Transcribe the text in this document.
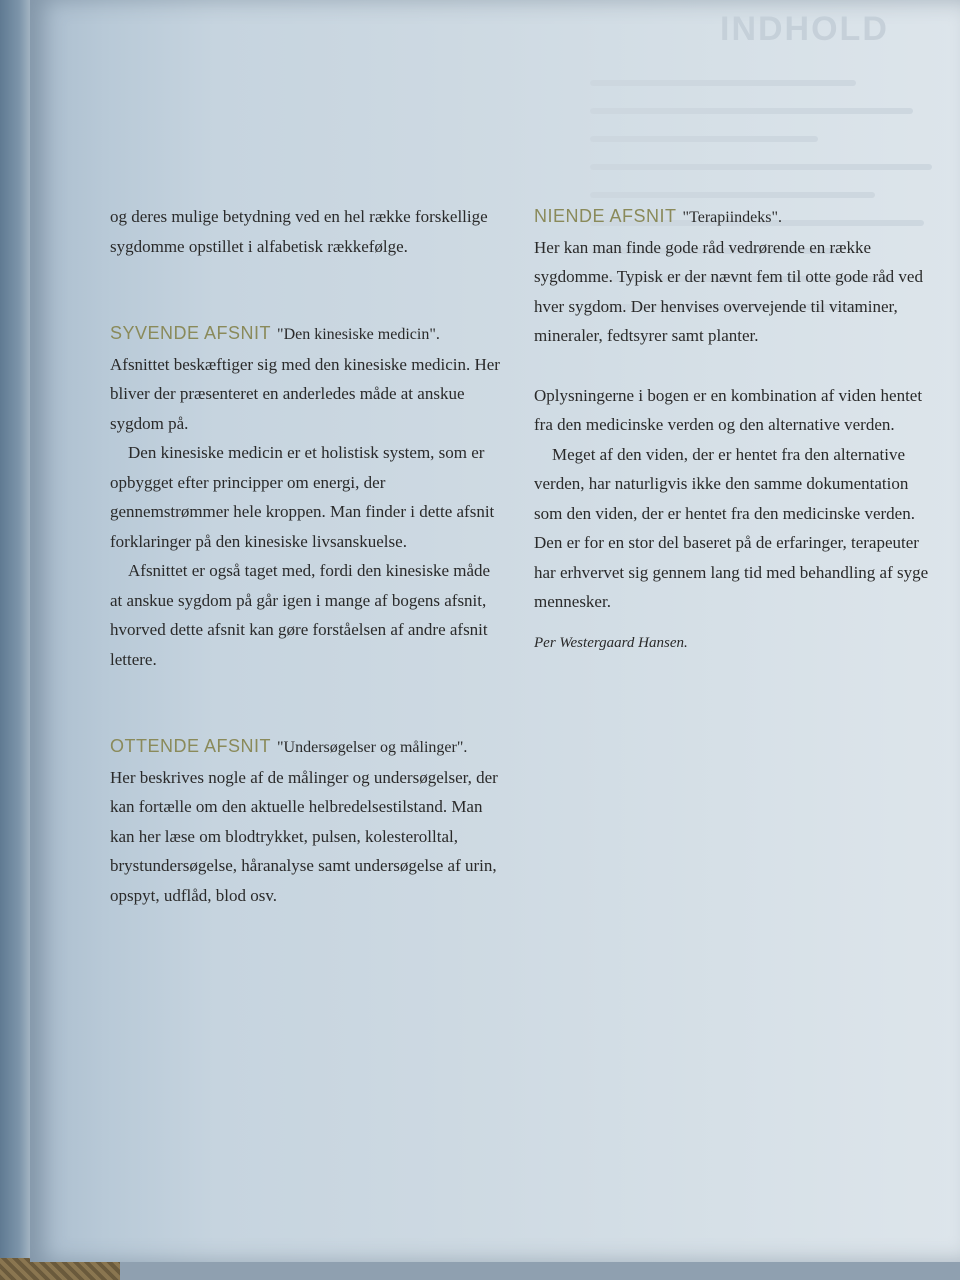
INDHOLD

og deres mulige betydning ved en hel række forskellige sygdomme opstillet i alfabetisk rækkefølge.

SYVENDE AFSNIT "Den kinesiske medicin".

Afsnittet beskæftiger sig med den kinesiske medicin. Her bliver der præsenteret en anderledes måde at anskue sygdom på.

Den kinesiske medicin er et holistisk system, som er opbygget efter principper om energi, der gennemstrømmer hele kroppen. Man finder i dette afsnit forklaringer på den kinesiske livsanskuelse.

Afsnittet er også taget med, fordi den kinesiske måde at anskue sygdom på går igen i mange af bogens afsnit, hvorved dette afsnit kan gøre forståelsen af andre afsnit lettere.

OTTENDE AFSNIT "Undersøgelser og målinger".

Her beskrives nogle af de målinger og undersøgelser, der kan fortælle om den aktuelle helbredelsestilstand. Man kan her læse om blodtrykket, pulsen, kolesterolltal, brystundersøgelse, håranalyse samt undersøgelse af urin, opspyt, udflåd, blod osv.

NIENDE AFSNIT "Terapiindeks".

Her kan man finde gode råd vedrørende en række sygdomme. Typisk er der nævnt fem til otte gode råd ved hver sygdom. Der henvises overvejende til vitaminer, mineraler, fedtsyrer samt planter.

Oplysningerne i bogen er en kombination af viden hentet fra den medicinske verden og den alternative verden.

Meget af den viden, der er hentet fra den alternative verden, har naturligvis ikke den samme dokumentation som den viden, der er hentet fra den medicinske verden. Den er for en stor del baseret på de erfaringer, terapeuter har erhvervet sig gennem lang tid med behandling af syge mennesker.

Per Westergaard Hansen.
